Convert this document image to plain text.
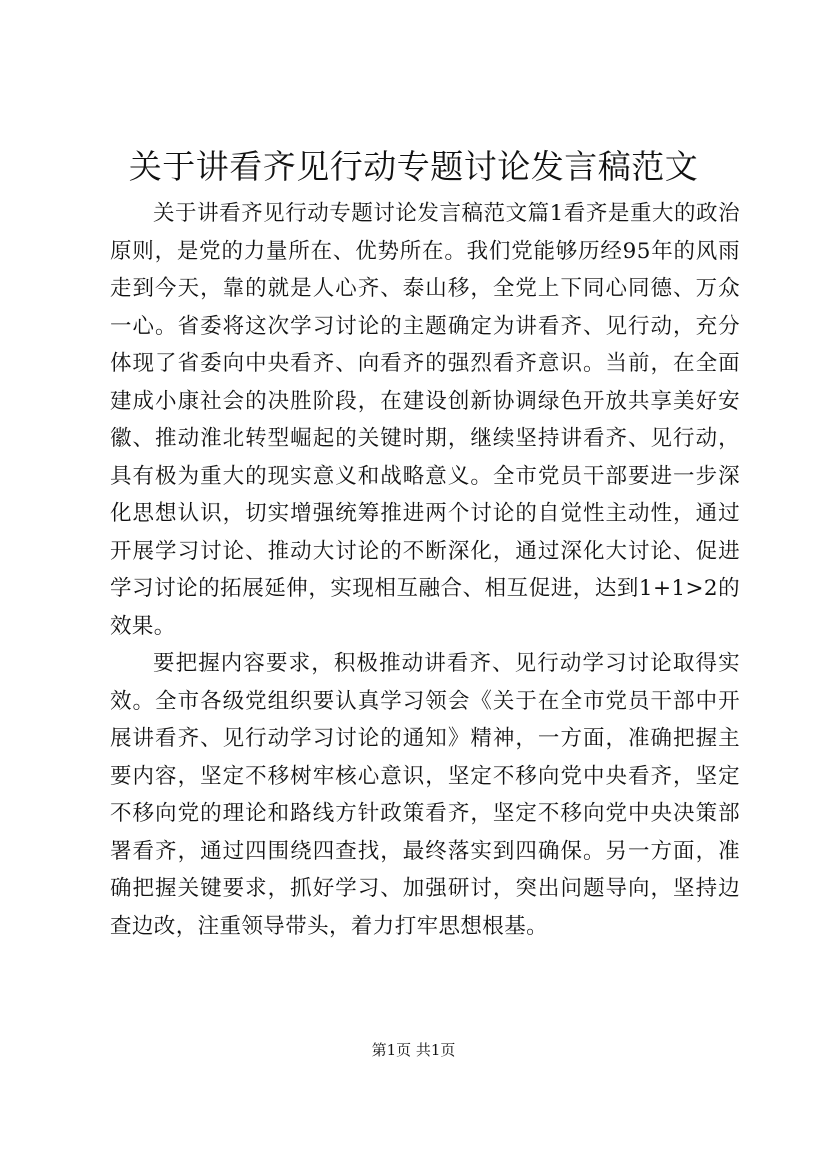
关于讲看齐见行动专题讨论发言稿范文

关于讲看齐见行动专题讨论发言稿范文篇1看齐是重大的政治原则，是党的力量所在、优势所在。我们党能够历经95年的风雨走到今天，靠的就是人心齐、泰山移，全党上下同心同德、万众一心。省委将这次学习讨论的主题确定为讲看齐、见行动，充分体现了省委向中央看齐、向看齐的强烈看齐意识。当前，在全面建成小康社会的决胜阶段，在建设创新协调绿色开放共享美好安徽、推动淮北转型崛起的关键时期，继续坚持讲看齐、见行动，具有极为重大的现实意义和战略意义。全市党员干部要进一步深化思想认识，切实增强统筹推进两个讨论的自觉性主动性，通过开展学习讨论、推动大讨论的不断深化，通过深化大讨论、促进学习讨论的拓展延伸，实现相互融合、相互促进，达到1+1>2的效果。

要把握内容要求，积极推动讲看齐、见行动学习讨论取得实效。全市各级党组织要认真学习领会《关于在全市党员干部中开展讲看齐、见行动学习讨论的通知》精神，一方面，准确把握主要内容，坚定不移树牢核心意识，坚定不移向党中央看齐，坚定不移向党的理论和路线方针政策看齐，坚定不移向党中央决策部署看齐，通过四围绕四查找，最终落实到四确保。另一方面，准确把握关键要求，抓好学习、加强研讨，突出问题导向，坚持边查边改，注重领导带头，着力打牢思想根基。

第1页 共1页
